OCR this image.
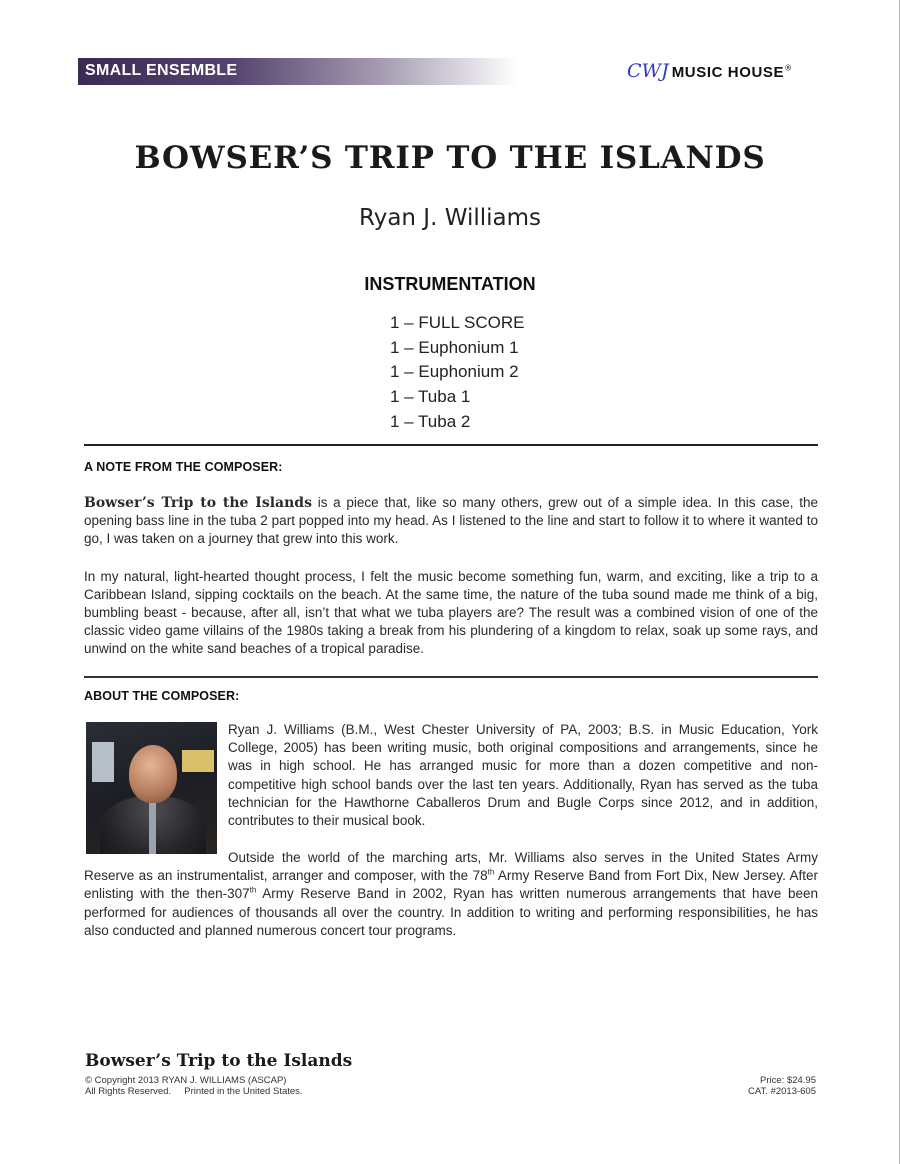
SMALL ENSEMBLE	CWJ MUSIC HOUSE®
BOWSER’S TRIP TO THE ISLANDS
Ryan J. Williams
INSTRUMENTATION
1 – FULL SCORE
1 – Euphonium 1
1 – Euphonium 2
1 – Tuba 1
1 – Tuba 2
A NOTE FROM THE COMPOSER:
Bowser’s Trip to the Islands is a piece that, like so many others, grew out of a simple idea. In this case, the opening bass line in the tuba 2 part popped into my head. As I listened to the line and start to follow it to where it wanted to go, I was taken on a journey that grew into this work.
In my natural, light-hearted thought process, I felt the music become something fun, warm, and exciting, like a trip to a Caribbean Island, sipping cocktails on the beach. At the same time, the nature of the tuba sound made me think of a big, bumbling beast - because, after all, isn’t that what we tuba players are? The result was a combined vision of one of the classic video game villains of the 1980s taking a break from his plundering of a kingdom to relax, soak up some rays, and unwind on the white sand beaches of a tropical paradise.
ABOUT THE COMPOSER:
Ryan J. Williams (B.M., West Chester University of PA, 2003; B.S. in Music Education, York College, 2005) has been writing music, both original compositions and arrangements, since he was in high school. He has arranged music for more than a dozen competitive and non-competitive high school bands over the last ten years. Additionally, Ryan has served as the tuba technician for the Hawthorne Caballeros Drum and Bugle Corps since 2012, and in addition, contributes to their musical book.
Outside the world of the marching arts, Mr. Williams also serves in the United States Army Reserve as an instrumentalist, arranger and composer, with the 78th Army Reserve Band from Fort Dix, New Jersey. After enlisting with the then-307th Army Reserve Band in 2002, Ryan has written numerous arrangements that have been performed for audiences of thousands all over the country. In addition to writing and performing responsibilities, he has also conducted and planned numerous concert tour programs.
Bowser’s Trip to the Islands
© Copyright 2013 RYAN J. WILLIAMS (ASCAP)
All Rights Reserved.     Printed in the United States.
Price: $24.95
CAT. #2013-605
